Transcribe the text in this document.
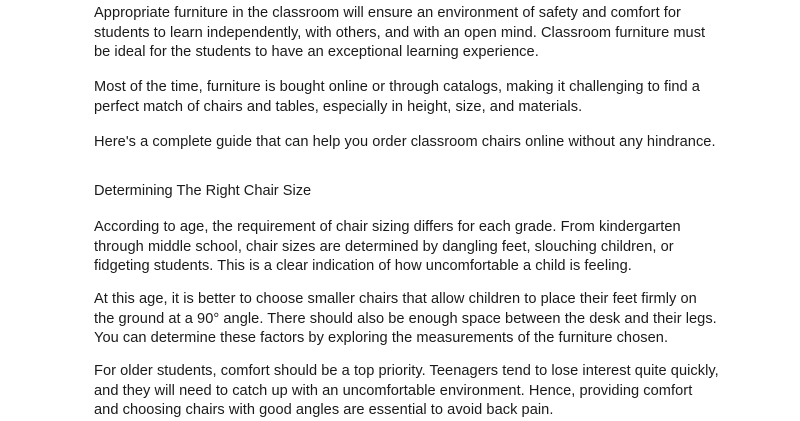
Appropriate furniture in the classroom will ensure an environment of safety and comfort for
students to learn independently, with others, and with an open mind. Classroom furniture must
be ideal for the students to have an exceptional learning experience.

Most of the time, furniture is bought online or through catalogs, making it challenging to find a
perfect match of chairs and tables, especially in height, size, and materials.

Here's a complete guide that can help you order classroom chairs online without any hindrance.

Determining The Right Chair Size

According to age, the requirement of chair sizing differs for each grade. From kindergarten
through middle school, chair sizes are determined by dangling feet, slouching children, or
fidgeting students. This is a clear indication of how uncomfortable a child is feeling.

At this age, it is better to choose smaller chairs that allow children to place their feet firmly on
the ground at a 90° angle. There should also be enough space between the desk and their legs.
You can determine these factors by exploring the measurements of the furniture chosen.

For older students, comfort should be a top priority. Teenagers tend to lose interest quite quickly,
and they will need to catch up with an uncomfortable environment. Hence, providing comfort
and choosing chairs with good angles are essential to avoid back pain.
